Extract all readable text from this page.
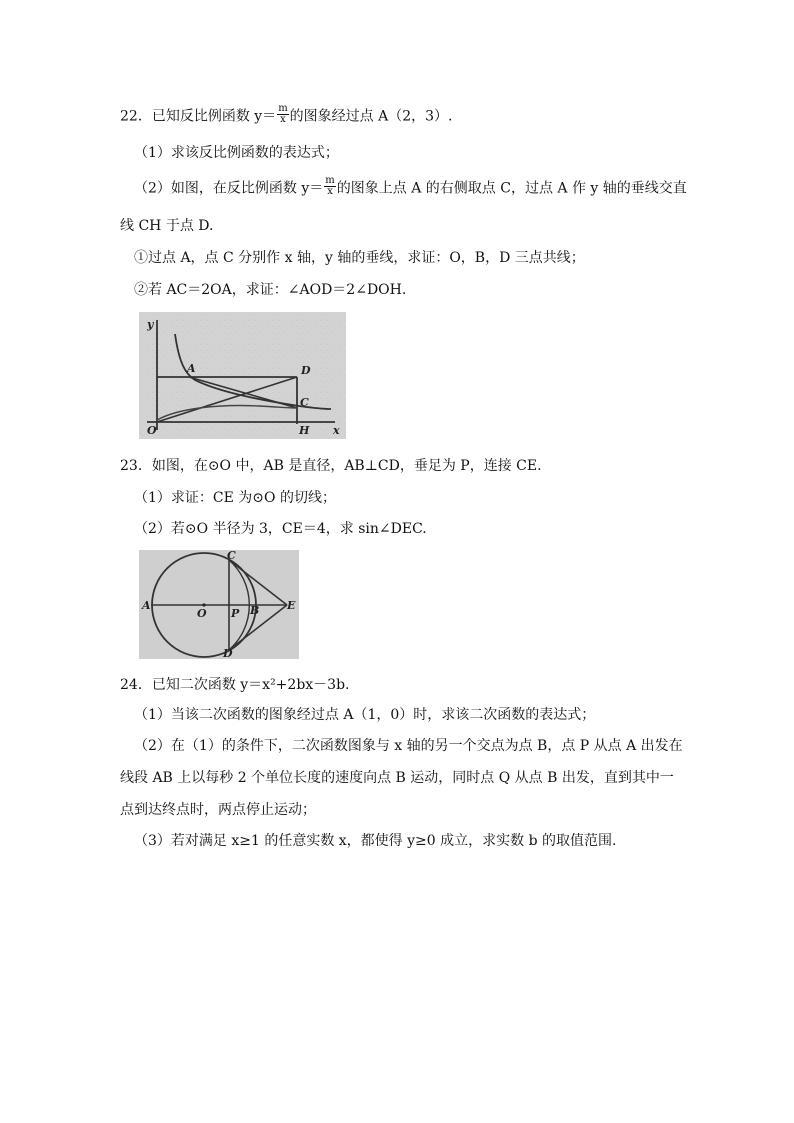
22．已知反比例函数 $y= \frac{m}{x}$ 的图象经过点 A（2，3）.
（1）求该反比例函数的表达式；
（2）如图，在反比例函数 $y= \frac{m}{x}$ 的图象上点 A 的右侧取点 C，过点 A 作 y 轴的垂线交直
线 CH 于点 D.
①过点 A，点 C 分别作 x 轴，y 轴的垂线，求证：O，B，D 三点共线；
②若 AC＝2OA，求证：∠AOD＝2∠DOH.
y
A	D
C
O	H x
23．如图，在⊙O 中，AB 是直径，AB⊥CD，垂足为 P，连接 CE.
（1）求证：CE 为⊙O 的切线；
（2）若⊙O 半径为 3，CE＝4，求 sin∠DEC.
C
A
O P B	E
D
24．已知二次函数 y＝x²+2bx－3b.
（1）当该二次函数的图象经过点 A（1，0）时，求该二次函数的表达式；
（2）在（1）的条件下，二次函数图象与 x 轴的另一个交点为点 B，点 P 从点 A 出发在
线段 AB 上以每秒 2 个单位长度的速度向点 B 运动，同时点 Q 从点 B 出发，直到其中一
点到达终点时，两点停止运动；
（3）若对满足 x≥1 的任意实数 x，都使得 y≥0 成立，求实数 b 的取值范围.
